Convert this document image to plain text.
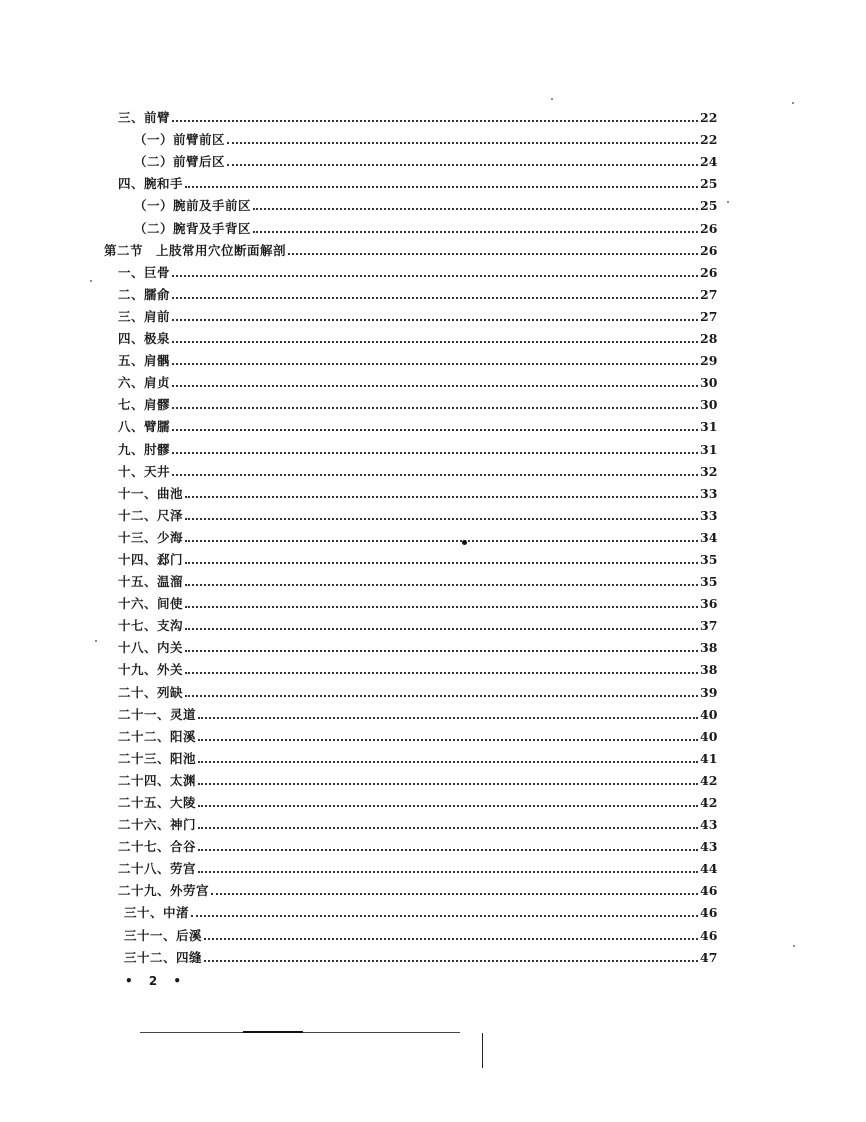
三、前臂	22
（一）前臂前区	22
（二）前臂后区	24
四、腕和手	25
（一）腕前及手前区	25
（二）腕背及手背区	26
第二节　上肢常用穴位断面解剖	26
一、巨骨	26
二、臑俞	27
三、肩前	27
四、极泉	28
五、肩髃	29
六、肩贞	30
七、肩髎	30
八、臂臑	31
九、肘髎	31
十、天井	32
十一、曲池	33
十二、尺泽	33
十三、少海	34
十四、郄门	35
十五、温溜	35
十六、间使	36
十七、支沟	37
十八、内关	38
十九、外关	38
二十、列缺	39
二十一、灵道	40
二十二、阳溪	40
二十三、阳池	41
二十四、太渊	42
二十五、大陵	42
二十六、神门	43
二十七、合谷	43
二十八、劳宫	44
二十九、外劳宫	46
三十、中渚	46
三十一、后溪	46
三十二、四缝	47
• 2 •
